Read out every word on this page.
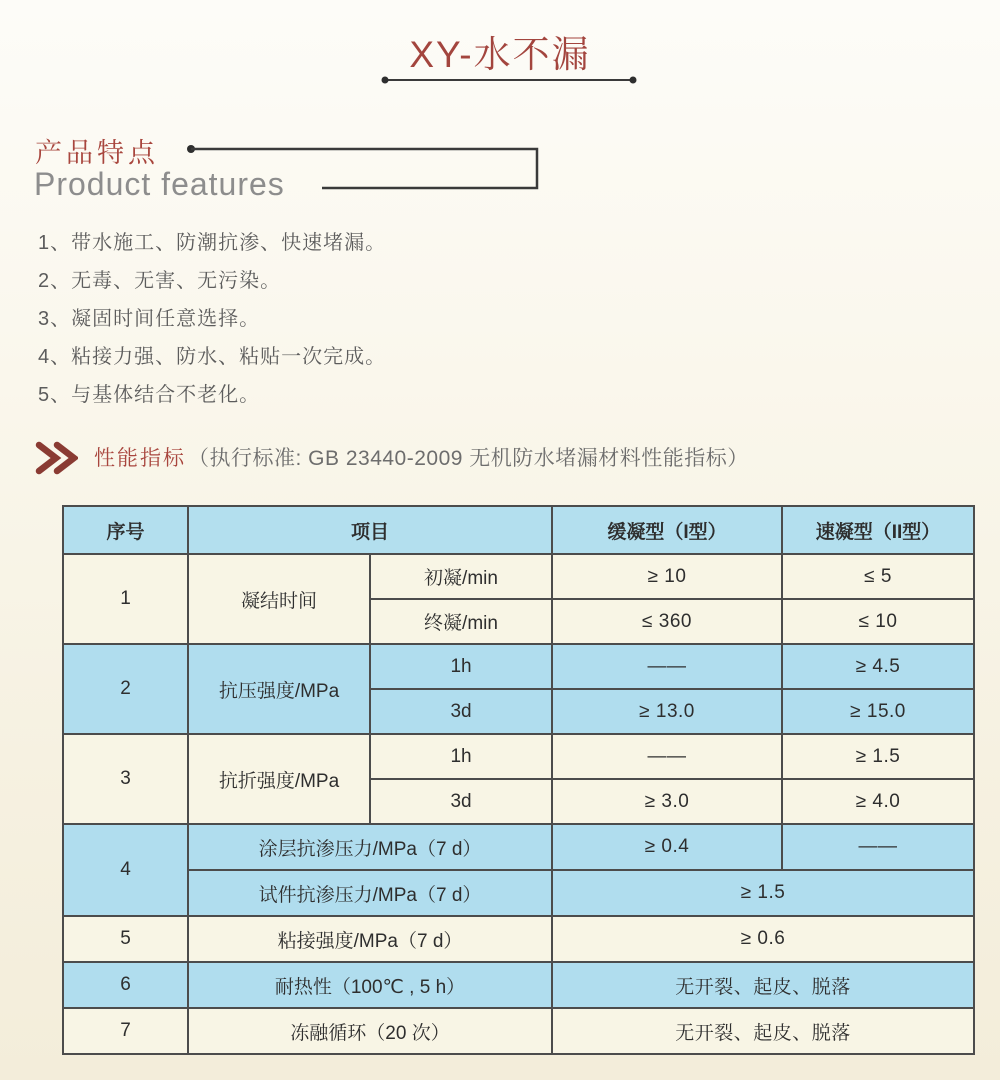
XY-水不漏
产品特点
Product features
1、带水施工、防潮抗渗、快速堵漏。
2、无毒、无害、无污染。
3、凝固时间任意选择。
4、粘接力强、防水、粘贴一次完成。
5、与基体结合不老化。
性能指标 （执行标准: GB 23440-2009 无机防水堵漏材料性能指标）
序号	项目		缓凝型（I型）	速凝型（II型）
1	凝结时间	初凝/min	≥ 10	≤ 5
		终凝/min	≤ 360	≤ 10
2	抗压强度/MPa	1h	——	≥ 4.5
		3d	≥ 13.0	≥ 15.0
3	抗折强度/MPa	1h	——	≥ 1.5
		3d	≥ 3.0	≥ 4.0
4	涂层抗渗压力/MPa（7 d）		≥ 0.4	——
	试件抗渗压力/MPa（7 d）		≥ 1.5	
5	粘接强度/MPa（7 d）		≥ 0.6	
6	耐热性（100℃ , 5 h）		无开裂、起皮、脱落	
7	冻融循环（20 次）		无开裂、起皮、脱落	
